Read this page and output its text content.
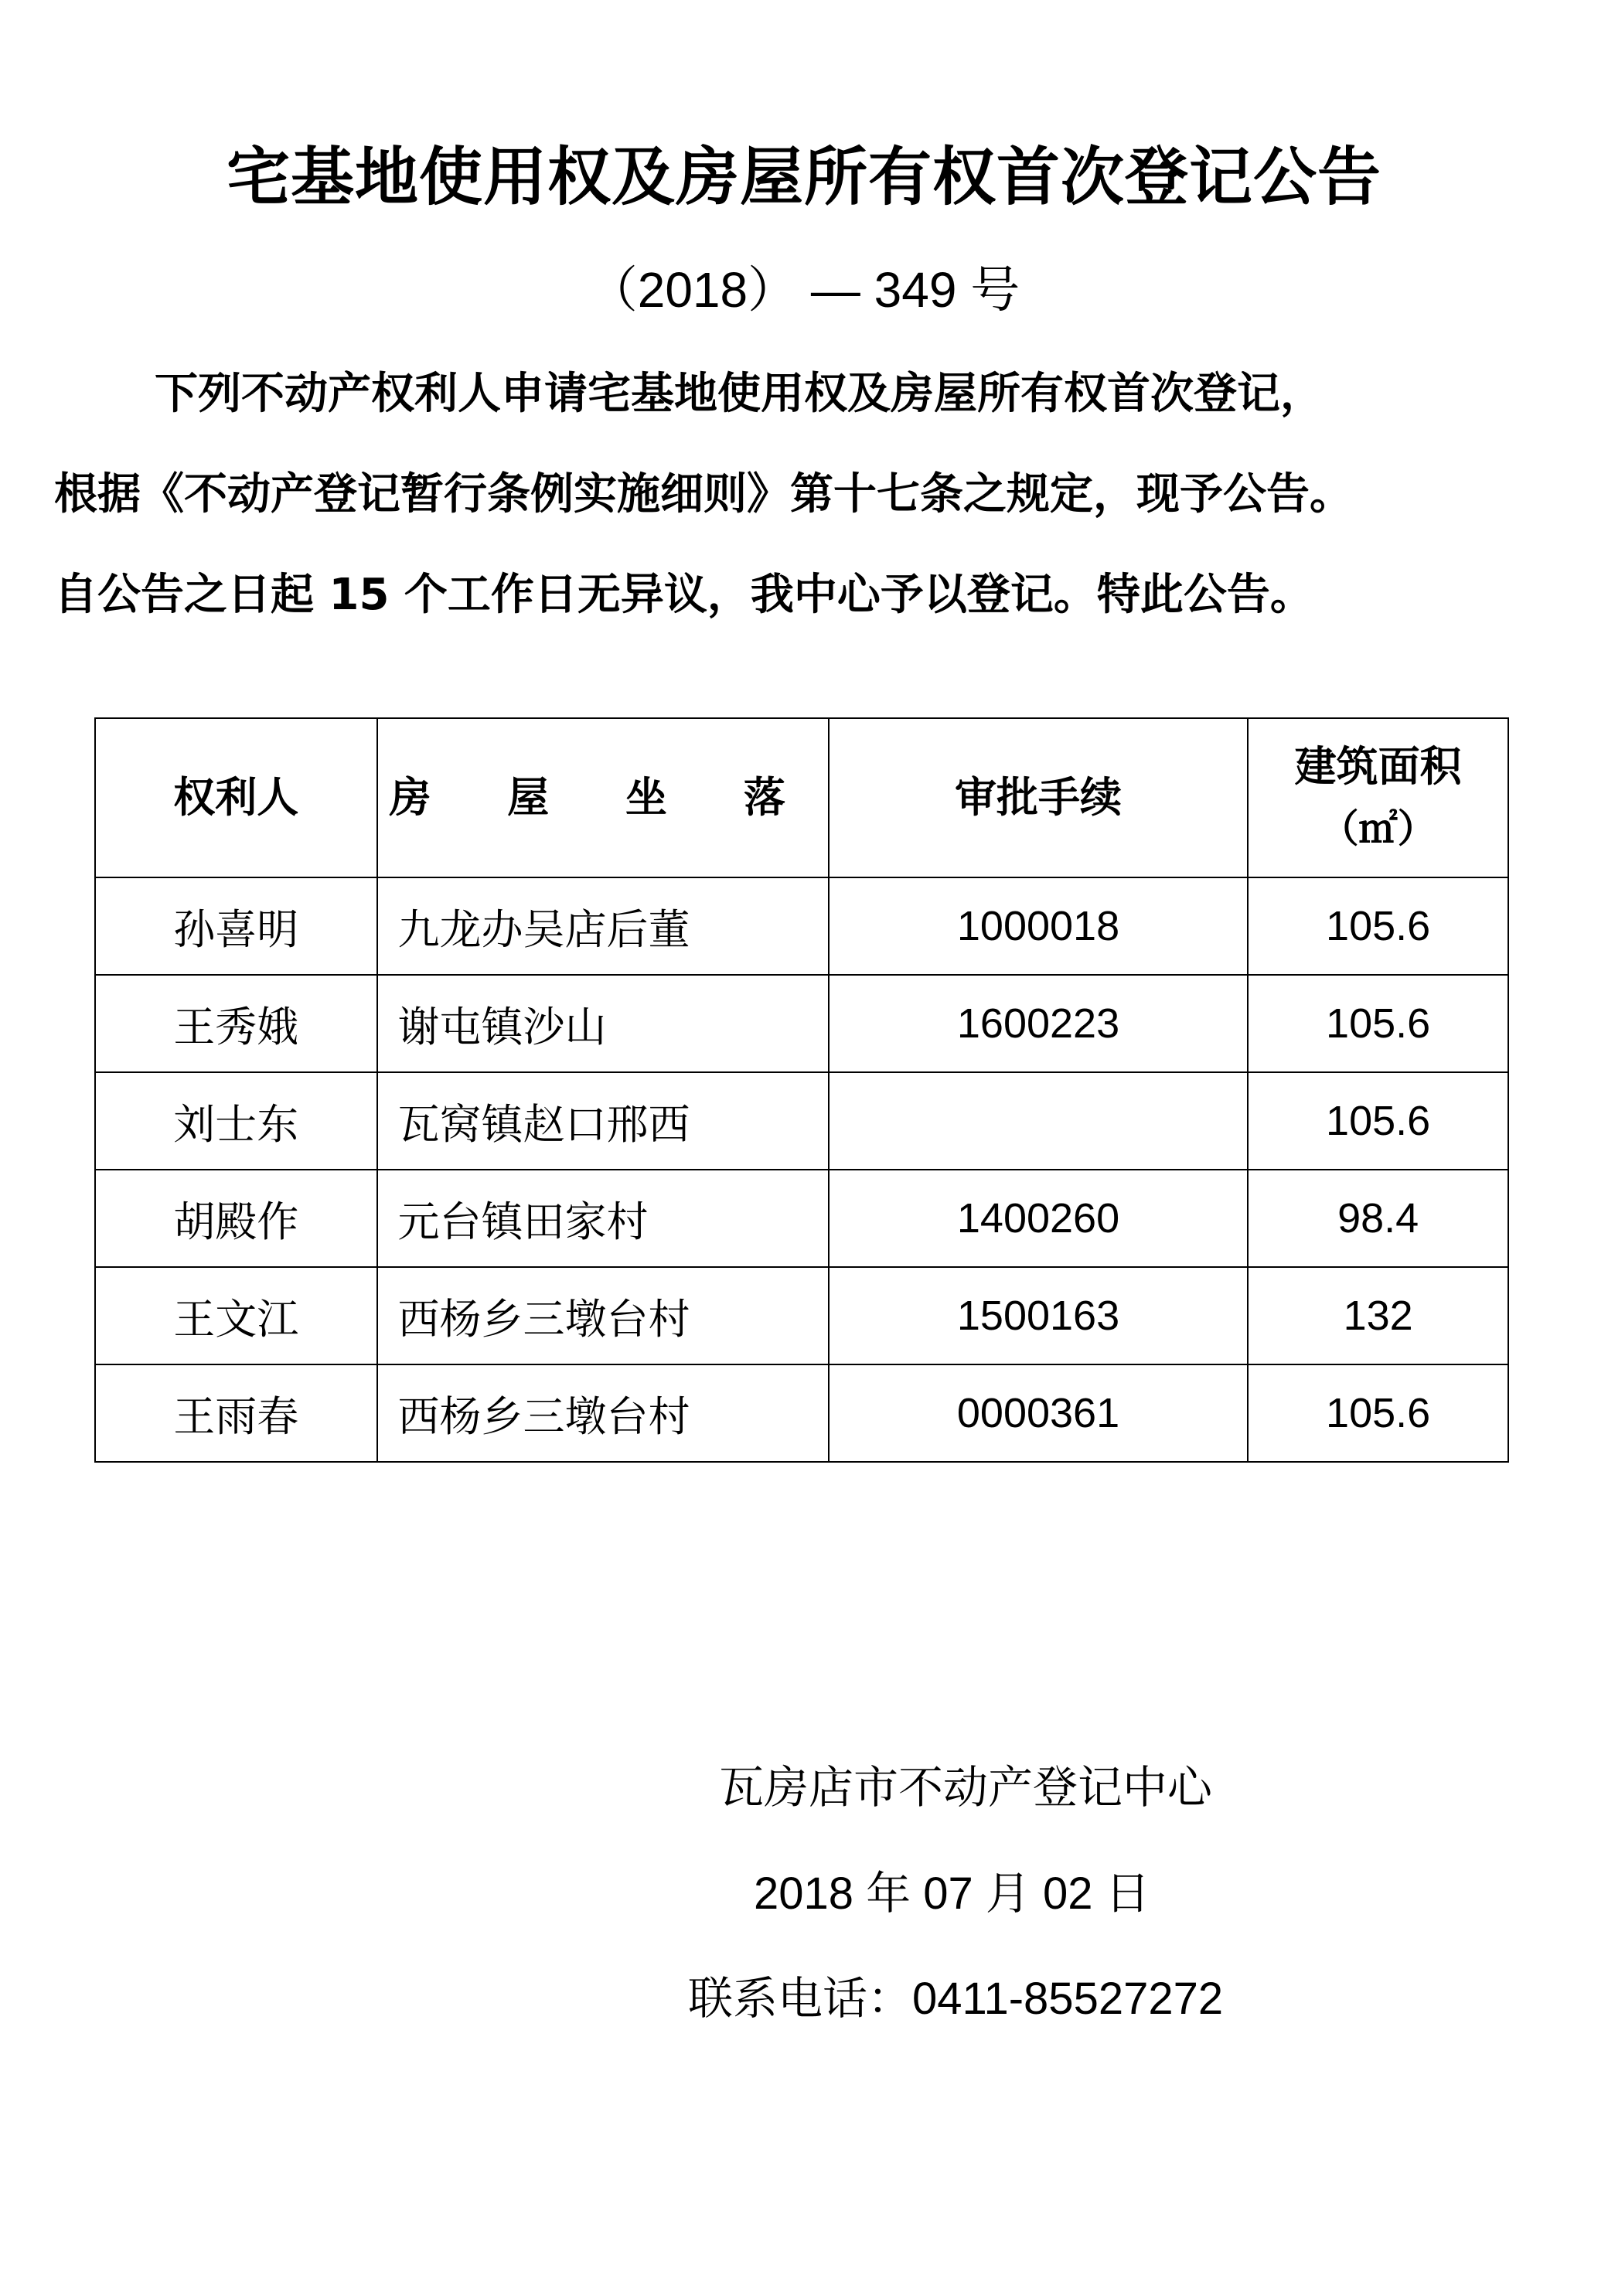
宅基地使用权及房屋所有权首次登记公告
（2018） — 349 号
下列不动产权利人申请宅基地使用权及房屋所有权首次登记，
根据《不动产登记暂行条例实施细则》第十七条之规定，现予公告。
自公告之日起 15 个工作日无异议，我中心予以登记。特此公告。
权利人	房 屋 坐 落	审批手续	建筑面积
（㎡）

孙喜明	九龙办吴店后董	1000018	105.6
王秀娥	谢屯镇沙山	1600223	105.6
刘士东	瓦窝镇赵口邢西		105.6
胡殿作	元台镇田家村	1400260	98.4
王文江	西杨乡三墩台村	1500163	132
王雨春	西杨乡三墩台村	0000361	105.6
瓦房店市不动产登记中心
2018 年 07 月 02 日
联系电话：0411-85527272
